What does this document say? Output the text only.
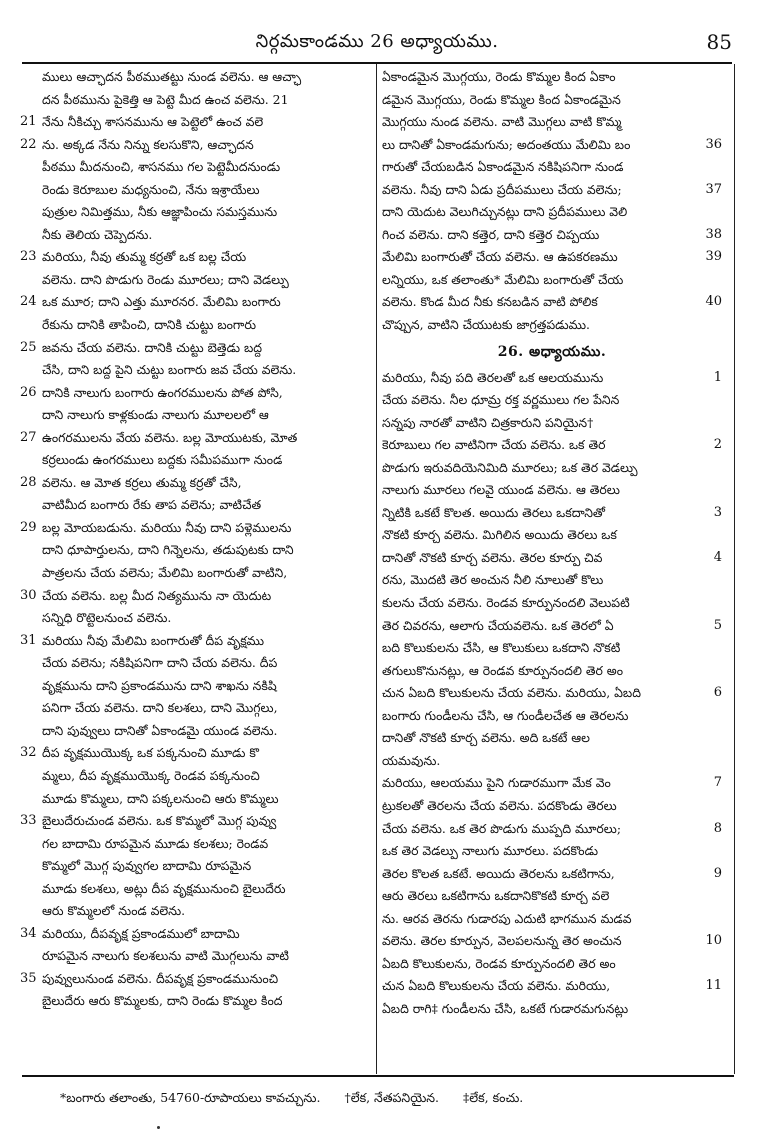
నిర్గమకాండము 26 అధ్యాయము.	85
ములు ఆచ్ఛాదన పీఠముతట్టు నుండ వలెను. ఆ ఆచ్ఛా
దన పీఠమును పైకెత్తి ఆ పెట్టె మీద ఉంచ వలెను. 21
21 నేను నీకిచ్చు శాసనమును ఆ పెట్టెలో ఉంచ వలె
22 ను. అక్కడ నేను నిన్ను కలసుకొని, ఆచ్ఛాదన
పీఠము మీదనుంచి, శాసనము గల పెట్టెమీదనుండు
రెండు కెరూబుల మధ్యనుంచి, నేను ఇశ్రాయేలు
పుత్రుల నిమిత్తము, నీకు ఆజ్ఞాపించు సమస్తమును
నీకు తెలియ చెప్పెదను.
23 మరియు, నీవు తుమ్మ కర్రతో ఒక బల్ల చేయ
వలెను. దాని పొడుగు రెండు మూరలు; దాని వెడల్పు
24 ఒక మూర; దాని ఎత్తు మూరనర. మేలిమి బంగారు
రేకును దానికి తాపించి, దానికి చుట్టు బంగారు
25 జవను చేయ వలెను. దానికి చుట్టు బెత్తెడు బద్ద
చేసి, దాని బద్ద పైని చుట్టు బంగారు జవ చేయ వలెను.
26 దానికి నాలుగు బంగారు ఉంగరములను పోత పోసి,
దాని నాలుగు కాళ్లకుండు నాలుగు మూలలలో ఆ
27 ఉంగరములను వేయ వలెను. బల్ల మోయుటకు, మోత
కర్రలుండు ఉంగరములు బద్దకు సమీపముగా నుండ
28 వలెను. ఆ మోత కర్రలు తుమ్మ కర్రతో చేసి,
వాటిమీద బంగారు రేకు తాప వలెను; వాటిచేత
29 బల్ల మోయబడును. మరియు నీవు దాని పళ్లెములను
దాని ధూపార్తులను, దాని గిన్నెలను, తడుపుటకు దాని
పాత్రలను చేయ వలెను; మేలిమి బంగారుతో వాటిని,
30 చేయ వలెను. బల్ల మీద నిత్యమును నా యెదుట
సన్నిధి రొట్టెలనుంచ వలెను.
31 మరియు నీవు మేలిమి బంగారుతో దీప వృక్షము
చేయ వలెను; నకిషిపనిగా దాని చేయ వలెను. దీప
వృక్షమును దాని ప్రకాండమును దాని శాఖను నకిషి
పనిగా చేయ వలెను. దాని కలశలు, దాని మొగ్గలు,
దాని పువ్వులు దానితో ఏకాండమై యుండ వలెను.
32 దీప వృక్షముయొక్క ఒక పక్కనుంచి మూడు కొ
మ్మలు, దీప వృక్షముయొక్క రెండవ పక్కనుంచి
మూడు కొమ్మలు, దాని పక్కలనుంచి ఆరు కొమ్మలు
33 బైలుదేరుచుండ వలెను. ఒక కొమ్మలో మొగ్గ పువ్వు
గల బాదామి రూపమైన మూడు కలశలు; రెండవ
కొమ్మలో మొగ్గ పువ్వుగల బాదామి రూపమైన
మూడు కలశలు, అట్లు దీప వృక్షమునుంచి బైలుదేరు
ఆరు కొమ్మలలో నుండ వలెను.
34 మరియు, దీపవృక్ష ప్రకాండములో బాదామి
రూపమైన నాలుగు కలశలును వాటి మొగ్గలును వాటి
35 పువ్వులునుండ వలెను. దీపవృక్ష ప్రకాండమునుంచి
బైలుదేరు ఆరు కొమ్మలకు, దాని రెండు కొమ్మల కింద
ఏకాండమైన మొగ్గయు, రెండు కొమ్మల కింద ఏకాం
డమైన మొగ్గయు, రెండు కొమ్మల కింద ఏకాండమైన
మొగ్గయు నుండ వలెను. వాటి మొగ్గలు వాటి కొమ్మ
లు దానితో ఏకాండమగును; అదంతయు మేలిమి బం	36
గారుతో చేయబడిన ఏకాండమైన నకిషిపనిగా నుండ
వలెను. నీవు దాని ఏడు ప్రదీపములు చేయ వలెను;	37
దాని యెదుట వెలుగిచ్చునట్లు దాని ప్రదీపములు వెలి
గించ వలెను. దాని కత్తెర, దాని కత్తెర చిప్పయు	38
మేలిమి బంగారుతో చేయ వలెను. ఆ ఉపకరణము	39
లన్నియు, ఒక తలాంతు* మేలిమి బంగారుతో చేయ
వలెను. కొండ మీద నీకు కనబడిన వాటి పోలిక	40
చొప్పున, వాటిని చేయుటకు జాగ్రత్తపడుము.
26. అధ్యాయము.
మరియు, నీవు పది తెరలతో ఒక ఆలయమును	1
చేయ వలెను. నీల ధూమ్ర రక్త వర్ణములు గల పేనిన
సన్నపు నారతో వాటిని చిత్రకారుని పనియైన†
కెరూబులు గల వాటినిగా చేయ వలెను. ఒక తెర	2
పొడుగు ఇరువదియెనిమిది మూరలు; ఒక తెర వెడల్పు
నాలుగు మూరలు గలవై యుండ వలెను. ఆ తెరలు
న్నిటికి ఒకటే కొలత. అయిదు తెరలు ఒకదానితో	3
నొకటి కూర్చ వలెను. మిగిలిన అయిదు తెరలు ఒక
దానితో నొకటి కూర్చ వలెను. తెరల కూర్పు చివ	4
రను, మొదటి తెర అంచున నీలి నూలుతో కొలు
కులను చేయ వలెను. రెండవ కూర్పునందలి వెలుపటి
తెర చివరను, ఆలాగు చేయవలెను. ఒక తెరలో ఏ	5
బది కొలుకులను చేసి, ఆ కొలుకులు ఒకదాని నొకటి
తగులుకొనునట్లు, ఆ రెండవ కూర్పునందలి తెర అం
చున ఏబది కొలుకులను చేయ వలెను. మరియు, ఏబది	6
బంగారు గుండీలను చేసి, ఆ గుండీలచేత ఆ తెరలను
దానితో నొకటి కూర్చ వలెను. అది ఒకటే ఆల
యమవును.
మరియు, ఆలయము పైని గుడారముగా మేక వెం	7
ట్రుకలతో తెరలను చేయ వలెను. పదకొండు తెరలు
చేయ వలెను. ఒక తెర పొడుగు ముప్పది మూరలు;	8
ఒక తెర వెడల్పు నాలుగు మూరలు. పదకొండు
తెరల కొలత ఒకటే. అయిదు తెరలను ఒకటిగాను,	9
ఆరు తెరలు ఒకటిగాను ఒకదానికొకటి కూర్చ వలె
ను. ఆరవ తెరను గుడారపు ఎదుటి భాగమున మడవ
వలెను. తెరల కూర్పున, వెలపలనున్న తెర అంచున	10
ఏబది కొలుకులను, రెండవ కూర్పునందలి తెర అం
చున ఏబది కొలుకులను చేయ వలెను. మరియు,	11
ఏబది రాగి‡ గుండీలను చేసి, ఒకటే గుడారమగునట్లు
*బంగారు తలాంతు, 54760-రూపాయలు కావచ్చును. †లేక, నేతపనియైన. ‡లేక, కంచు.
